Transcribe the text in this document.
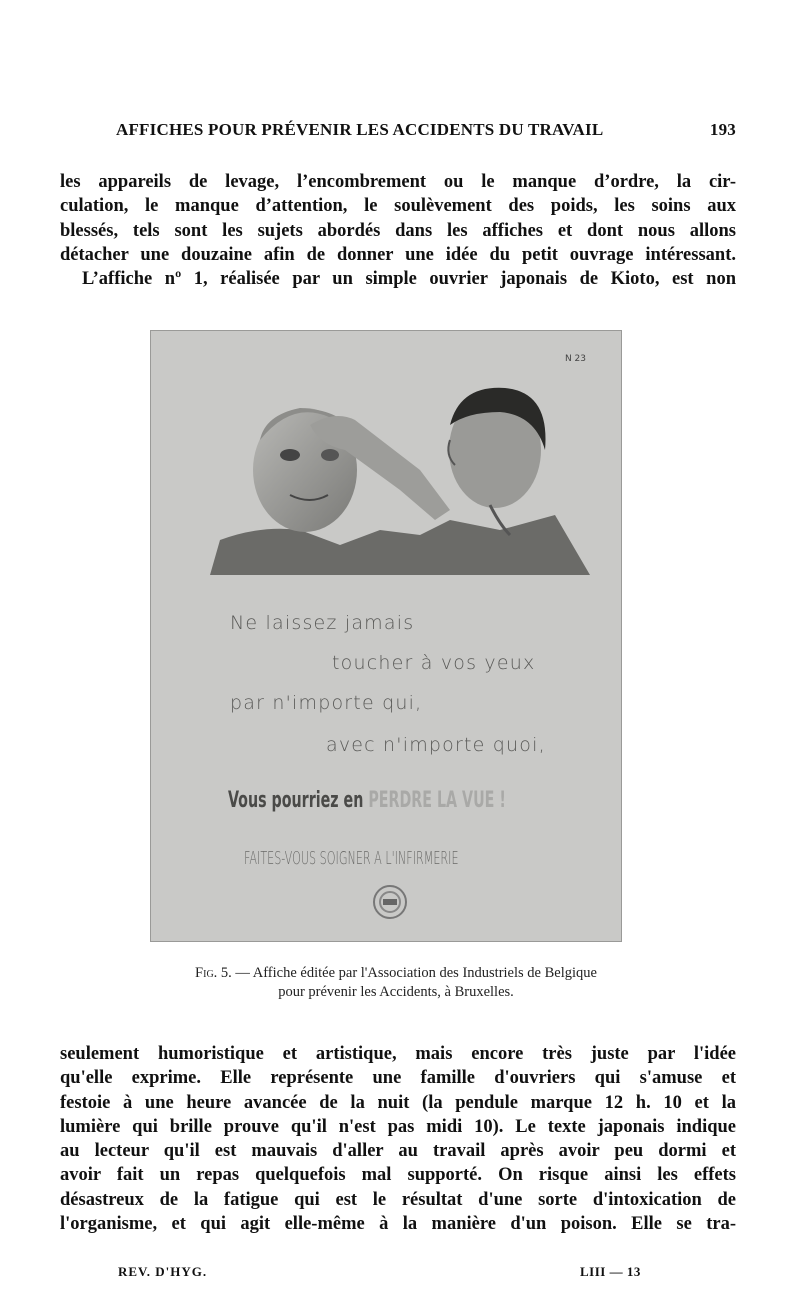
AFFICHES POUR PRÉVENIR LES ACCIDENTS DU TRAVAIL	193
les appareils de levage, l’encombrement ou le manque d’ordre, la cir-
culation, le manque d’attention, le soulèvement des poids, les soins aux
blessés, tels sont les sujets abordés dans les affiches et dont nous allons
détacher une douzaine afin de donner une idée du petit ouvrage intéressant.
L’affiche nº 1, réalisée par un simple ouvrier japonais de Kioto, est non
N 23
Ne laissez jamais
toucher à vos yeux
par n'importe qui,
avec n'importe quoi,
Vous pourriez en PERDRE LA VUE !
FAITES-VOUS SOIGNER A L'INFIRMERIE
Fig. 5. — Affiche éditée par l'Association des Industriels de Belgique
pour prévenir les Accidents, à Bruxelles.
seulement humoristique et artistique, mais encore très juste par l'idée
qu'elle exprime. Elle représente une famille d'ouvriers qui s'amuse et
festoie à une heure avancée de la nuit (la pendule marque 12 h. 10 et la
lumière qui brille prouve qu'il n'est pas midi 10). Le texte japonais indique
au lecteur qu'il est mauvais d'aller au travail après avoir peu dormi et
avoir fait un repas quelquefois mal supporté. On risque ainsi les effets
désastreux de la fatigue qui est le résultat d'une sorte d'intoxication de
l'organisme, et qui agit elle-même à la manière d'un poison. Elle se tra-
REV. D'HYG.	LIII — 13
